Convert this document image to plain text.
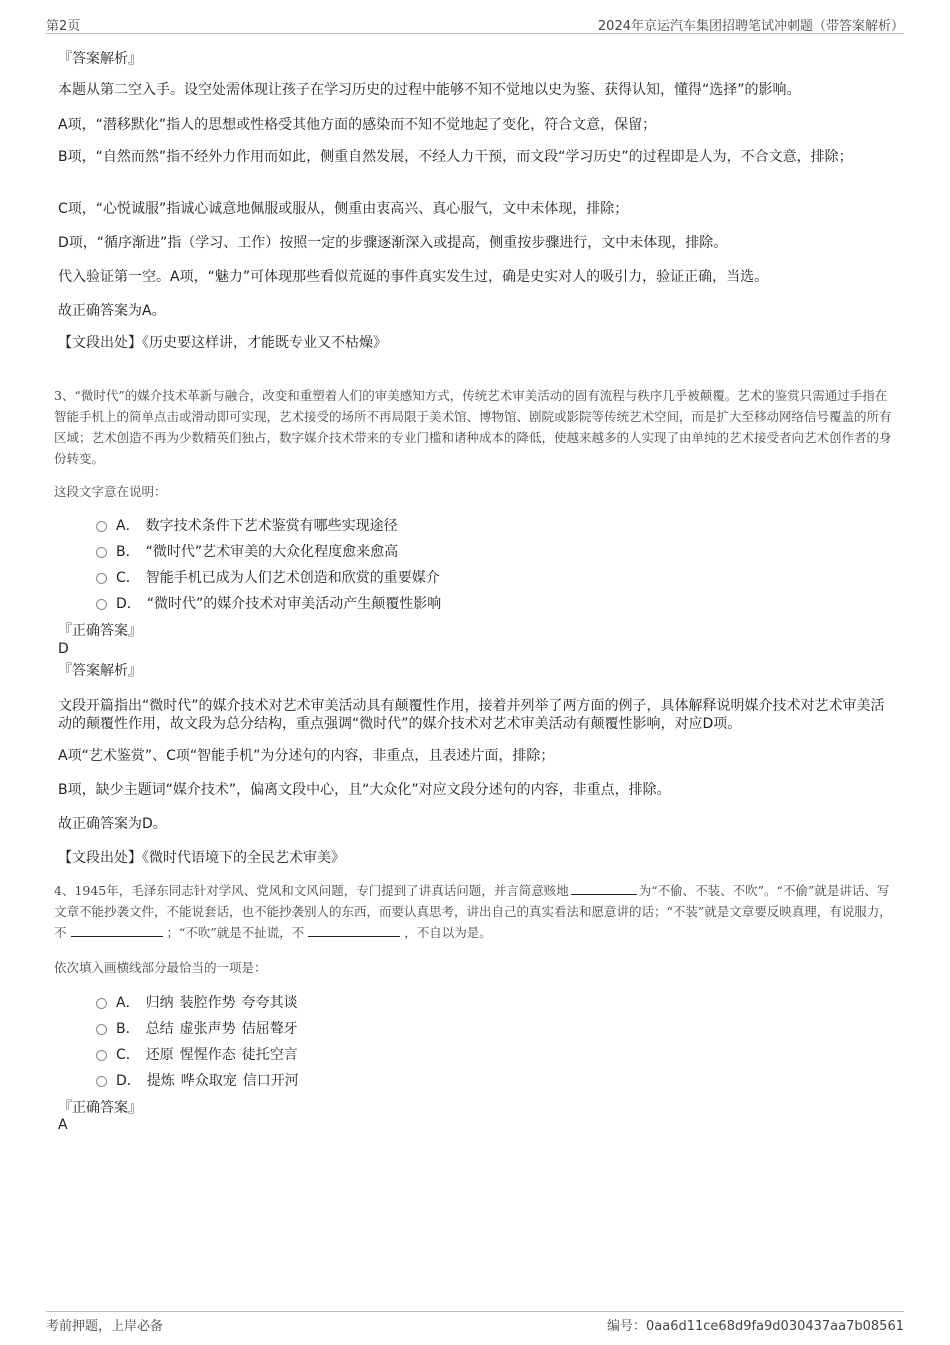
第2页	2024年京运汽车集团招聘笔试冲刺题（带答案解析）
『答案解析』
本题从第二空入手。设空处需体现让孩子在学习历史的过程中能够不知不觉地以史为鉴、获得认知，懂得“选择”的影响。
A项，“潜移默化”指人的思想或性格受其他方面的感染而不知不觉地起了变化，符合文意，保留；
B项，“自然而然”指不经外力作用而如此，侧重自然发展，不经人力干预，而文段“学习历史”的过程即是人为，不合文意，排除；
C项，“心悦诚服”指诚心诚意地佩服或服从，侧重由衷高兴、真心服气，文中未体现，排除；
D项，“循序渐进”指（学习、工作）按照一定的步骤逐渐深入或提高，侧重按步骤进行，文中未体现，排除。
代入验证第一空。A项，“魅力”可体现那些看似荒诞的事件真实发生过，确是史实对人的吸引力，验证正确，当选。
故正确答案为A。
【文段出处】《历史要这样讲，才能既专业又不枯燥》

3、“微时代”的媒介技术革新与融合，改变和重塑着人们的审美感知方式，传统艺术审美活动的固有流程与秩序几乎被颠覆。艺术的鉴赏只需通过手指在智能手机上的简单点击或滑动即可实现，艺术接受的场所不再局限于美术馆、博物馆、剧院或影院等传统艺术空间，而是扩大至移动网络信号覆盖的所有区域；艺术创造不再为少数精英们独占，数字媒介技术带来的专业门槛和诸种成本的降低，使越来越多的人实现了由单纯的艺术接受者向艺术创作者的身份转变。

这段文字意在说明：
A． 数字技术条件下艺术鉴赏有哪些实现途径
B． “微时代”艺术审美的大众化程度愈来愈高
C． 智能手机已成为人们艺术创造和欣赏的重要媒介
D． “微时代”的媒介技术对审美活动产生颠覆性影响
『正确答案』
D
『答案解析』
文段开篇指出“微时代”的媒介技术对艺术审美活动具有颠覆性作用，接着并列举了两方面的例子，具体解释说明媒介技术对艺术审美活动的颠覆性作用，故文段为总分结构，重点强调“微时代”的媒介技术对艺术审美活动有颠覆性影响，对应D项。
A项“艺术鉴赏”、C项“智能手机”为分述句的内容，非重点，且表述片面，排除；
B项，缺少主题词“媒介技术”，偏离文段中心，且“大众化”对应文段分述句的内容，非重点，排除。
故正确答案为D。
【文段出处】《微时代语境下的全民艺术审美》

4、1945年，毛泽东同志针对学风、党风和文风问题，专门提到了讲真话问题，并言简意赅地	为“不偷、不装、不吹”。“不偷”就是讲话、写文章不能抄袭文件，不能说套话，也不能抄袭别人的东西，而要认真思考，讲出自己的真实看法和愿意讲的话；“不装”就是文章要反映真理，有说服力，不	；“不吹”就是不扯谎，不	，不自以为是。

依次填入画横线部分最恰当的一项是：
A． 归纳 装腔作势 夸夸其谈
B． 总结 虚张声势 佶屈聱牙
C． 还原 惺惺作态 徒托空言
D． 提炼 哗众取宠 信口开河
『正确答案』
A
考前押题，上岸必备	编号：0aa6d11ce68d9fa9d030437aa7b08561
